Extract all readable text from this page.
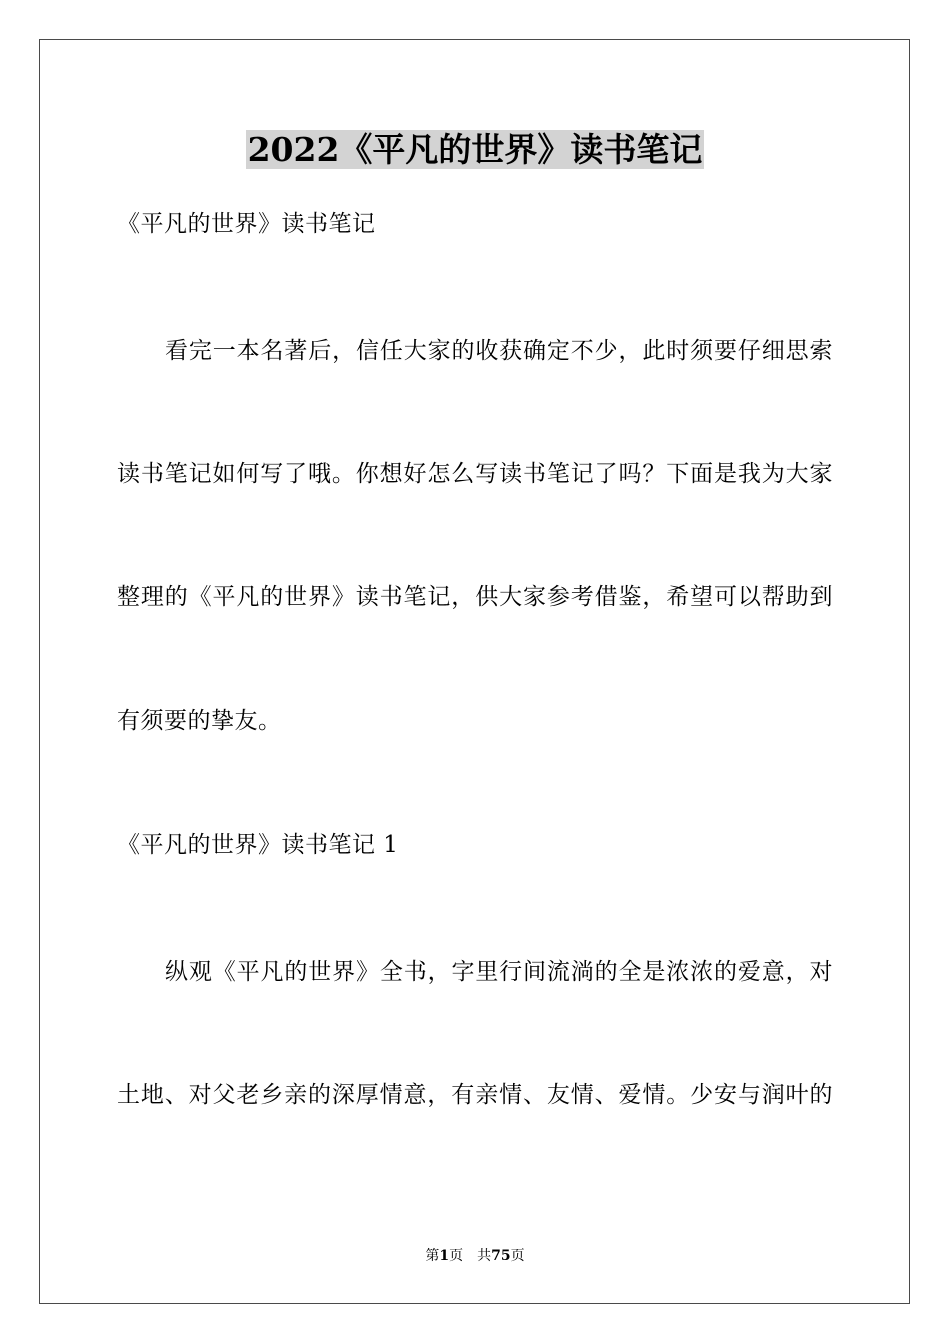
2022《平凡的世界》读书笔记
《平凡的世界》读书笔记
看完一本名著后，信任大家的收获确定不少，此时须要仔细思索
读书笔记如何写了哦。你想好怎么写读书笔记了吗？下面是我为大家
整理的《平凡的世界》读书笔记，供大家参考借鉴，希望可以帮助到
有须要的挚友。
《平凡的世界》读书笔记 1
纵观《平凡的世界》全书，字里行间流淌的全是浓浓的爱意，对
土地、对父老乡亲的深厚情意，有亲情、友情、爱情。少安与润叶的
第1页 共75页
